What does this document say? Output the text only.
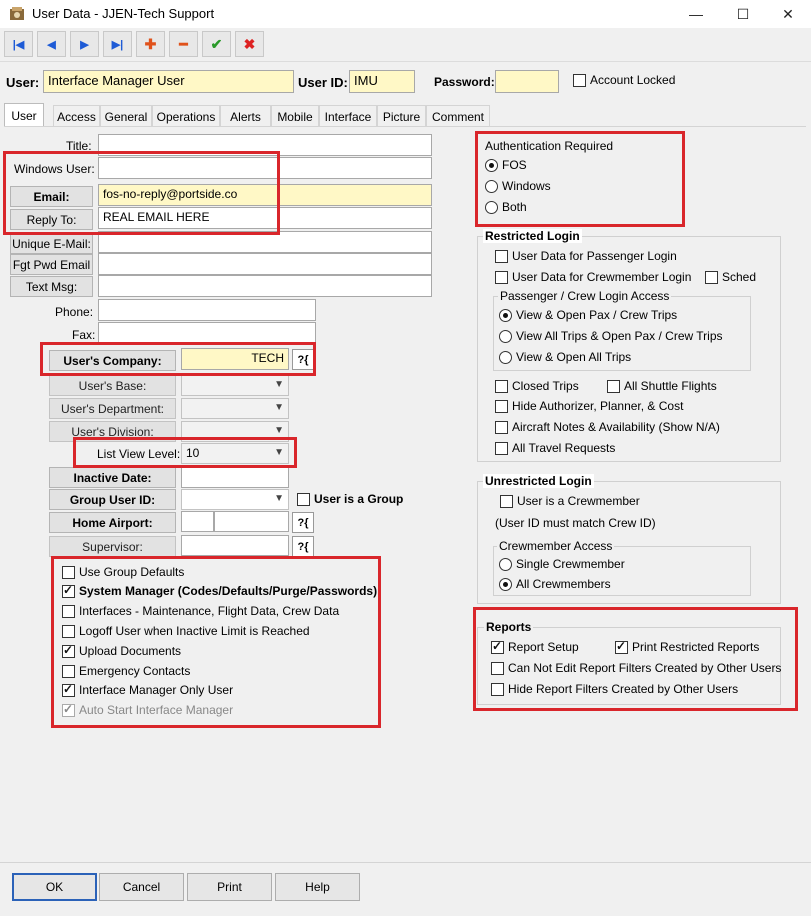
User Data - JJEN-Tech Support	—	☐	✕
|◀	◀	▶	▶|	✚	━	✔	✖
User: Interface Manager User	User ID: IMU	Password:	Account Locked
User	Access General Operations	Alerts	Mobile Interface Picture Comment
Title:
Windows User:
Email:	fos-no-reply@portside.co
Reply To:	REAL EMAIL HERE
Unique E-Mail:
Fgt Pwd Email
Text Msg:
Phone:
Fax:
User's Company:	TECH	?{
User's Base:	▼
User's Department:	▼
User's Division:	▼
List View Level: 10	▼
Inactive Date:
Group User ID:	▼	User is a Group
Home Airport:	?{
Supervisor:	?{
Use Group Defaults
✓
System Manager (Codes/Defaults/Purge/Passwords)
Interfaces - Maintenance, Flight Data, Crew Data
Logoff User when Inactive Limit is Reached
✓
Upload Documents
Emergency Contacts
✓
Interface Manager Only User
✓
Auto Start Interface Manager
Authentication Required
FOS
Windows
Both
Restricted Login
User Data for Passenger Login
User Data for Crewmember Login	Sched
Passenger / Crew Login Access
View & Open Pax / Crew Trips
View All Trips & Open Pax / Crew Trips
View & Open All Trips
Closed Trips	All Shuttle Flights
Hide Authorizer, Planner, & Cost
Aircraft Notes & Availability (Show N/A)
All Travel Requests
Unrestricted Login
User is a Crewmember
(User ID must match Crew ID)
Crewmember Access
Single Crewmember
All Crewmembers
Reports
✓
Report Setup
✓	Print Restricted Reports
Can Not Edit Report Filters Created by Other Users
Hide Report Filters Created by Other Users
OK	Cancel	Print	Help
